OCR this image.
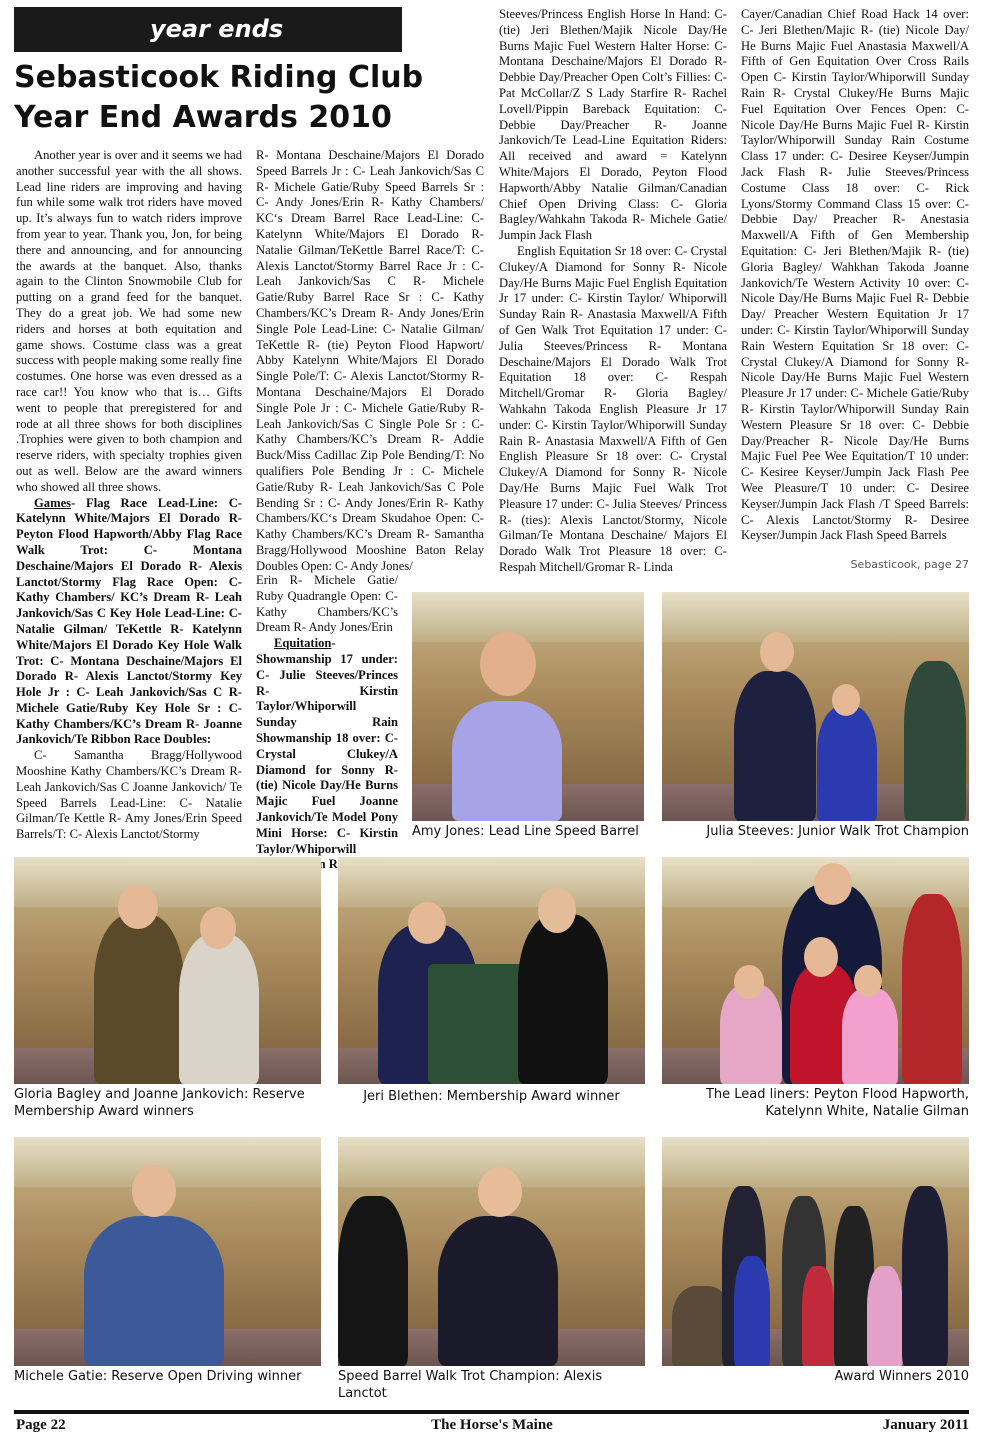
year ends
Sebasticook Riding Club Year End Awards 2010

Another year is over and it seems we had another successful year with the all shows. Lead line riders are improving and having fun while some walk trot riders have moved up. It’s always fun to watch riders improve from year to year. Thank you, Jon, for being there and announcing, and for announcing the awards at the banquet. Also, thanks again to the Clinton Snowmobile Club for putting on a grand feed for the banquet. They do a great job. We had some new riders and horses at both equitation and game shows. Costume class was a great success with people making some really fine costumes. One horse was even dressed as a race car!! You know who that is… Gifts went to people that preregistered for and rode at all three shows for both disciplines .Trophies were given to both champion and reserve riders, with specialty trophies given out as well. Below are the award winners who showed all three shows.

Games- Flag Race Lead-Line: C- Katelynn White/Majors El Dorado R- Peyton Flood Hapworth/Abby Flag Race Walk Trot: C- Montana Deschaine/Majors El Dorado R- Alexis Lanctot/Stormy Flag Race Open: C- Kathy Chambers/ KC’s Dream R- Leah Jankovich/Sas C Key Hole Lead-Line: C- Natalie Gilman/ TeKettle R- Katelynn White/Majors El Dorado Key Hole Walk Trot: C- Montana Deschaine/Majors El Dorado R- Alexis Lanctot/Stormy Key Hole Jr : C- Leah Jankovich/Sas C R- Michele Gatie/Ruby Key Hole Sr : C- Kathy Chambers/KC’s Dream R- Joanne Jankovich/Te Ribbon Race Doubles:

C- Samantha Bragg/Hollywood Mooshine Kathy Chambers/KC’s Dream R- Leah Jankovich/Sas C Joanne Jankovich/ Te Speed Barrels Lead-Line: C- Natalie Gilman/Te Kettle R- Amy Jones/Erin Speed Barrels/T: C- Alexis Lanctot/Stormy

R- Montana Deschaine/Majors El Dorado Speed Barrels Jr : C- Leah Jankovich/Sas C R- Michele Gatie/Ruby Speed Barrels Sr : C- Andy Jones/Erin R- Kathy Chambers/ KC‘s Dream Barrel Race Lead-Line: C- Katelynn White/Majors El Dorado R- Natalie Gilman/TeKettle Barrel Race/T: C- Alexis Lanctot/Stormy Barrel Race Jr : C- Leah Jankovich/Sas C R- Michele Gatie/Ruby Barrel Race Sr : C- Kathy Chambers/KC’s Dream R- Andy Jones/Erin Single Pole Lead-Line: C- Natalie Gilman/ TeKettle R- (tie) Peyton Flood Hapwort/ Abby Katelynn White/Majors El Dorado Single Pole/T: C- Alexis Lanctot/Stormy R- Montana Deschaine/Majors El Dorado Single Pole Jr : C- Michele Gatie/Ruby R- Leah Jankovich/Sas C Single Pole Sr : C- Kathy Chambers/KC’s Dream R- Addie Buck/Miss Cadillac Zip Pole Bending/T: No qualifiers Pole Bending Jr : C- Michele Gatie/Ruby R- Leah Jankovich/Sas C Pole Bending Sr : C- Andy Jones/Erin R- Kathy Chambers/KC‘s Dream Skudahoe Open: C- Kathy Chambers/KC’s Dream R- Samantha Bragg/Hollywood Mooshine Baton Relay Doubles Open: C- Andy Jones/

Erin R- Michele Gatie/ Ruby Quadrangle Open: C- Kathy Chambers/KC’s Dream R- Andy Jones/Erin

Equitation- Showmanship 17 under: C- Julie Steeves/Princes R- Kirstin Taylor/Whiporwill Sunday Rain Showmanship 18 over: C- Crystal Clukey/A Diamond for Sonny R- (tie) Nicole Day/He Burns Majic Fuel Joanne Jankovich/Te Model Pony Mini Horse: C- Kirstin Taylor/Whiporwill R-

Steeves/Princess English Horse In Hand: C- (tie) Jeri Blethen/Majik Nicole Day/He Burns Majic Fuel Western Halter Horse: C- Montana Deschaine/Majors El Dorado R- Debbie Day/Preacher Open Colt’s Fillies: C- Pat McCollar/Z S Lady Starfire R- Rachel Lovell/Pippin Bareback Equitation: C- Debbie Day/Preacher R- Joanne Jankovich/Te Lead-Line Equitation Riders: All received and award = Katelynn White/Majors El Dorado, Peyton Flood Hapworth/Abby Natalie Gilman/Canadian Chief Open Driving Class: C- Gloria Bagley/Wahkahn Takoda R- Michele Gatie/ Jumpin Jack Flash

English Equitation Sr 18 over: C- Crystal Clukey/A Diamond for Sonny R- Nicole Day/He Burns Majic Fuel English Equitation Jr 17 under: C- Kirstin Taylor/ Whiporwill Sunday Rain R- Anastasia Maxwell/A Fifth of Gen Walk Trot Equitation 17 under: C- Julia Steeves/Princess R- Montana Deschaine/Majors El Dorado Walk Trot Equitation 18 over: C- Respah Mitchell/Gromar R- Gloria Bagley/ Wahkahn Takoda English Pleasure Jr 17 under: C- Kirstin Taylor/Whiporwill Sunday Rain R- Anastasia Maxwell/A Fifth of Gen English Pleasure Sr 18 over: C- Crystal Clukey/A Diamond for Sonny R- Nicole Day/He Burns Majic Fuel Walk Trot Pleasure 17 under: C- Julia Steeves/ Princess R- (ties): Alexis Lanctot/Stormy, Nicole Gilman/Te Montana Deschaine/ Majors El Dorado Walk Trot Pleasure 18 over: C- Respah Mitchell/Gromar R- Linda

Cayer/Canadian Chief Road Hack 14 over: C- Jeri Blethen/Majic R- (tie) Nicole Day/ He Burns Majic Fuel Anastasia Maxwell/A Fifth of Gen Equitation Over Cross Rails Open C- Kirstin Taylor/Whiporwill Sunday Rain R- Crystal Clukey/He Burns Majic Fuel Equitation Over Fences Open: C- Nicole Day/He Burns Majic Fuel R- Kirstin Taylor/Whiporwill Sunday Rain Costume Class 17 under: C- Desiree Keyser/Jumpin Jack Flash R- Julie Steeves/Princess Costume Class 18 over: C- Rick Lyons/Stormy Command Class 15 over: C- Debbie Day/ Preacher R- Anestasia Maxwell/A Fifth of Gen Membership Equitation: C- Jeri Blethen/Majik R- (tie) Gloria Bagley/ Wahkhan Takoda Joanne Jankovich/Te Western Activity 10 over: C- Nicole Day/He Burns Majic Fuel R- Debbie Day/ Preacher Western Equitation Jr 17 under: C- Kirstin Taylor/Whiporwill Sunday Rain Western Equitation Sr 18 over: C- Crystal Clukey/A Diamond for Sonny R- Nicole Day/He Burns Majic Fuel Western Pleasure Jr 17 under: C- Michele Gatie/Ruby R- Kirstin Taylor/Whiporwill Sunday Rain Western Pleasure Sr 18 over: C- Debbie Day/Preacher R- Nicole Day/He Burns Majic Fuel Pee Wee Equitation/T 10 under: C- Kesiree Keyser/Jumpin Jack Flash Pee Wee Pleasure/T 10 under: C- Desiree Keyser/Jumpin Jack Flash /T Speed Barrels: C- Alexis Lanctot/Stormy R- Desiree Keyser/Jumpin Jack Flash Speed Barrels

Sebasticook, page 27
Amy Jones: Lead Line Speed Barrel	Julia Steeves: Junior Walk Trot Champion
Gloria Bagley and Joanne Jankovich: Reserve Membership Award winners
Jeri Blethen: Membership Award winner	The Lead liners: Peyton Flood Hapworth, Katelynn White, Natalie Gilman
Michele Gatie: Reserve Open Driving winner	Speed Barrel Walk Trot Champion: Alexis Lanctot
Award Winners 2010
Page 22	The Horse's Maine	January 2011
